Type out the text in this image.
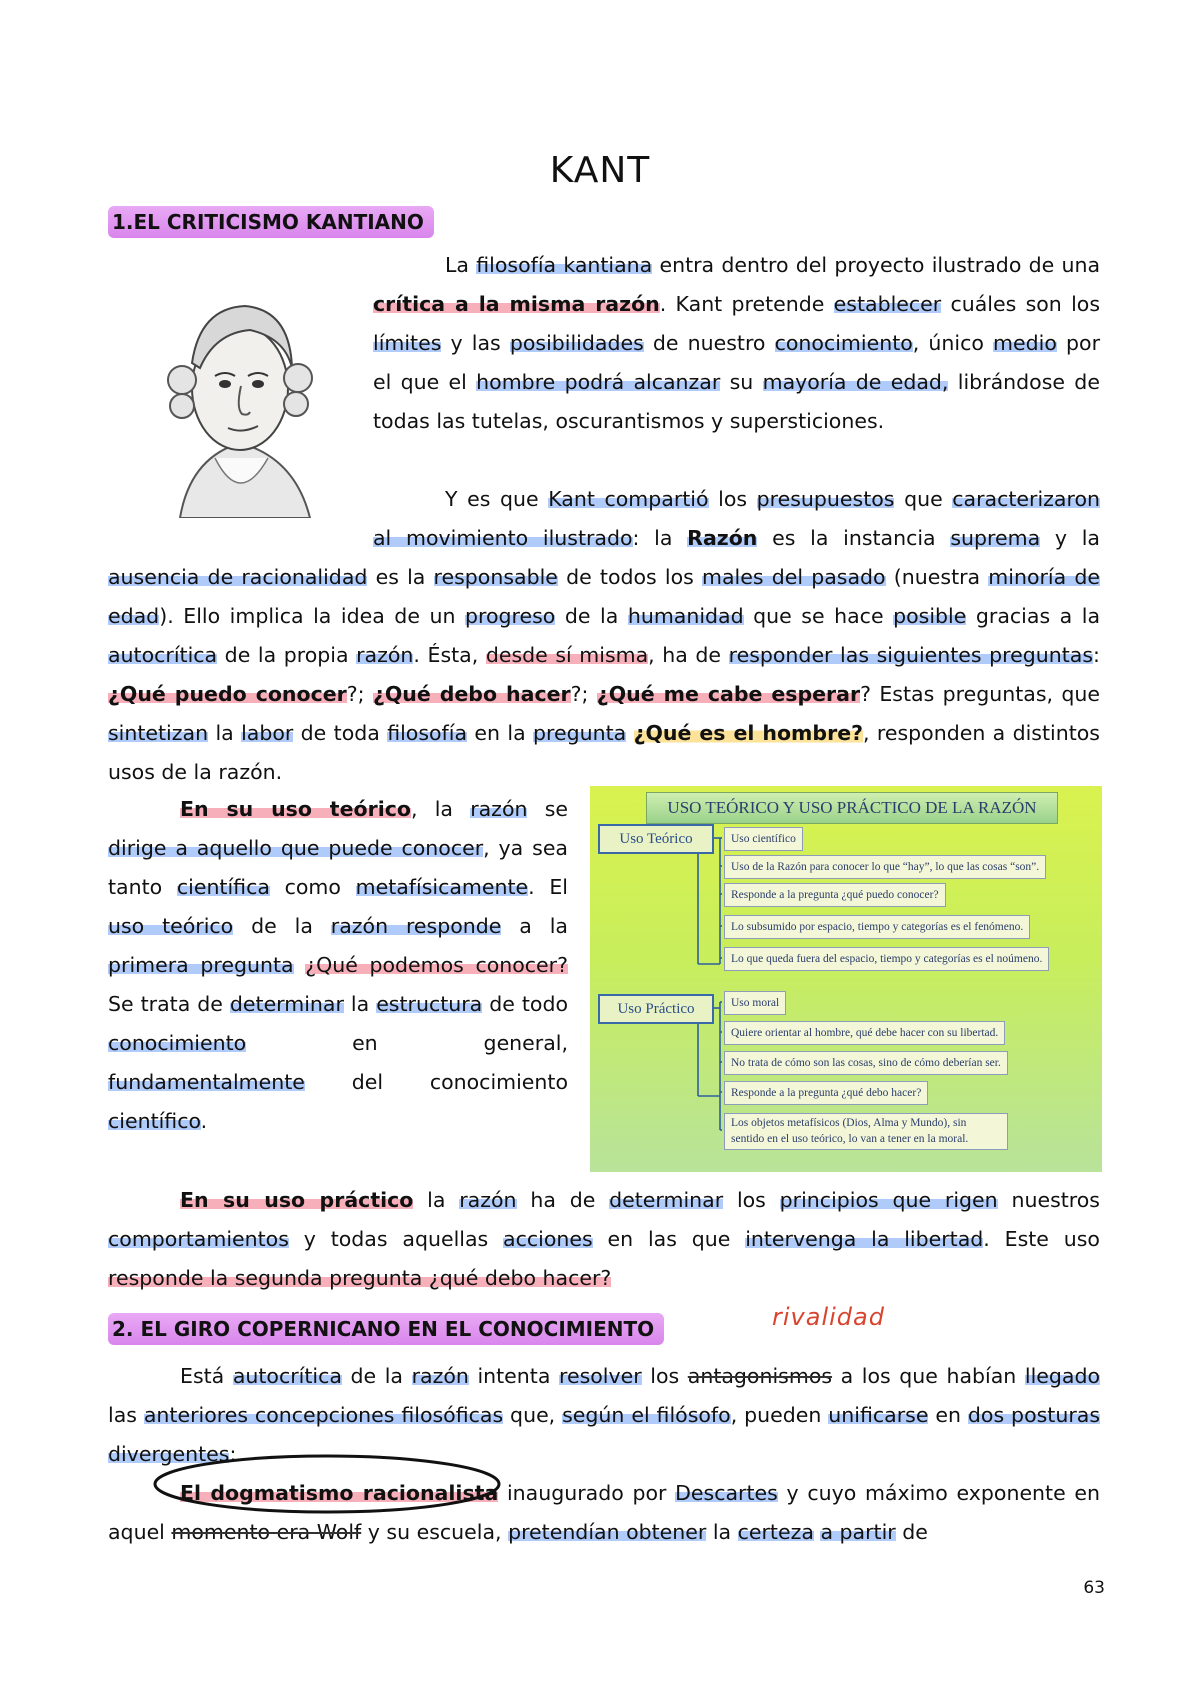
KANT
1.EL CRITICISMO KANTIANO

La filosofía kantiana entra dentro del proyecto ilustrado de una crítica a la misma razón. Kant pretende establecer cuáles son los límites y las posibilidades de nuestro conocimiento, único medio por el que el hombre podrá alcanzar su mayoría de edad, librándose de todas las tutelas, oscurantismos y supersticiones.

Y es que Kant compartió los presupuestos que caracterizaron al movimiento ilustrado: la Razón es la instancia suprema y la ausencia de racionalidad es la responsable de todos los males del pasado (nuestra minoría de edad). Ello implica la idea de un progreso de la humanidad que se hace posible gracias a la autocrítica de la propia razón. Ésta, desde sí misma, ha de responder las siguientes preguntas: ¿Qué puedo conocer?; ¿Qué debo hacer?; ¿Qué me cabe esperar? Estas preguntas, que sintetizan la labor de toda filosofía en la pregunta ¿Qué es el hombre?, responden a distintos usos de la razón.

En su uso teórico, la razón se dirige a aquello que puede conocer, ya sea tanto científica como metafísicamente. El uso teórico de la razón responde a la primera pregunta ¿Qué podemos conocer? Se trata de determinar la estructura de todo conocimiento en general, fundamentalmente del conocimiento científico.

USO TEÓRICO Y USO PRÁCTICO DE LA RAZÓN
Uso Teórico	Uso científico
Uso de la Razón para conocer lo que “hay”, lo que las cosas “son”.
Responde a la pregunta ¿qué puedo conocer?
Lo subsumido por espacio, tiempo y categorías es el fenómeno.
Lo que queda fuera del espacio, tiempo y categorías es el noúmeno.
Uso Práctico	Uso moral
Quiere orientar al hombre, qué debe hacer con su libertad.
No trata de cómo son las cosas, sino de cómo deberían ser.
Responde a la pregunta ¿qué debo hacer?
Los objetos metafísicos (Dios, Alma y Mundo), sin sentido en el uso teórico, lo van a tener en la moral.

En su uso práctico la razón ha de determinar los principios que rigen nuestros comportamientos y todas aquellas acciones en las que intervenga la libertad. Este uso responde la segunda pregunta ¿qué debo hacer?

2. EL GIRO COPERNICANO EN EL CONOCIMIENTO	rivalidad

Está autocrítica de la razón intenta resolver los antagonismos a los que habían llegado las anteriores concepciones filosóficas que, según el filósofo, pueden unificarse en dos posturas divergentes:

El dogmatismo racionalista inaugurado por Descartes y cuyo máximo exponente en aquel momento era Wolf y su escuela, pretendían obtener la certeza a partir de

63
